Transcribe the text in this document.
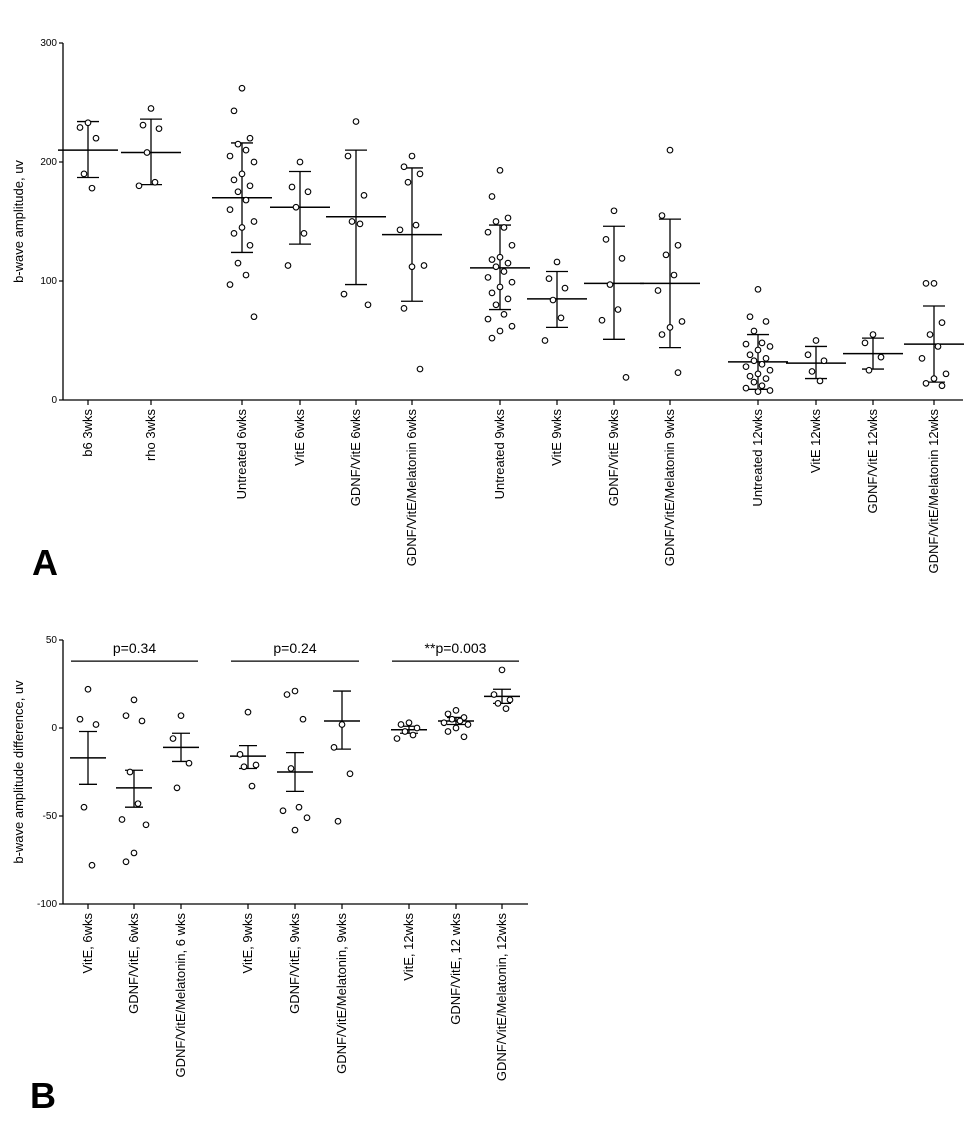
0
100
200
300
b-wave amplitude, uv
b6 3wks	rho 3wks	Untreated 6wks	VitE 6wks	GDNF/VitE 6wks	GDNF/VitE/Melatonin 6wks	Untreated 9wks	VitE 9wks	GDNF/VitE 9wks	GDNF/VitE/Melatonin 9wks	Untreated 12wks	VitE 12wks	GDNF/VitE 12wks	GDNF/VitE/Melatonin 12wks
A
-100
-50
0
50
b-wave amplitude difference, uv
VitE, 6wks GDNF/VitE, 6wks GDNF/VitE/Melatonin, 6 wks	VitE, 9wks GDNF/VitE, 9wks GDNF/VitE/Melatonin, 9wks	VitE, 12wks GDNF/VitE, 12 wks GDNF/VitE/Melatonin, 12wks
p=0.34	p=0.24	**p=0.003
B
